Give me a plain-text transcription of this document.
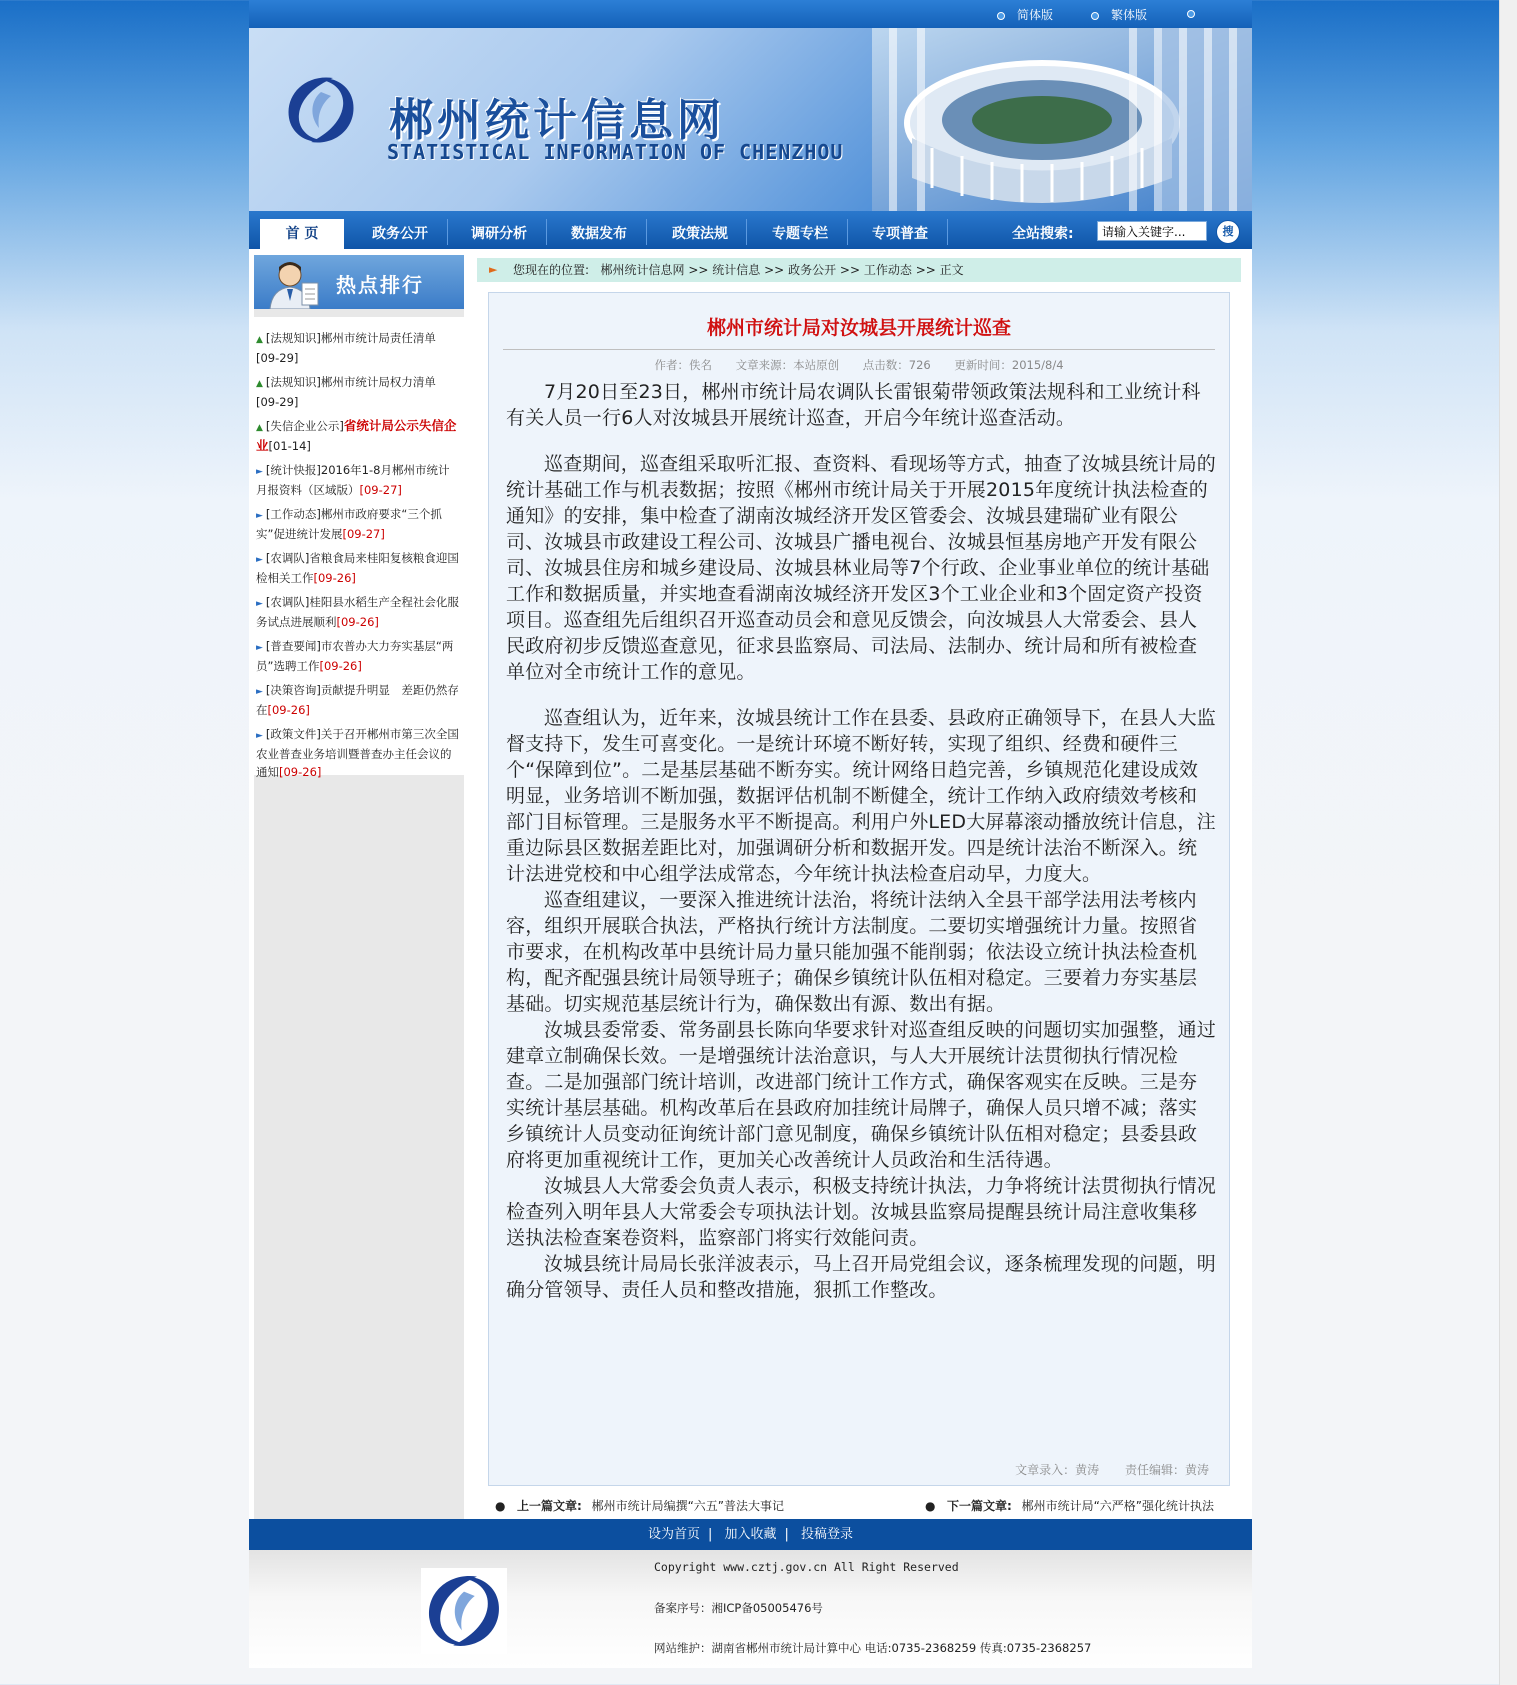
简体版	繁体版
郴州统计信息网
STATISTICAL INFORMATION OF CHENZHOU
首 页	政务公开	调研分析	数据发布	政策法规	专题专栏	专项普查	全站搜索:
请输入关键字...	搜
热点排行
▲ [法规知识]郴州市统计局责任清单
[09-29]
▲ [法规知识]郴州市统计局权力清单
[09-29]
▲ [失信企业公示]省统计局公示失信企业[01-14]
► [统计快报]2016年1-8月郴州市统计月报资料（区域版）[09-27]
► [工作动态]郴州市政府要求“三个抓实”促进统计发展[09-27]
► [农调队]省粮食局来桂阳复核粮食迎国检相关工作[09-26]
► [农调队]桂阳县水稻生产全程社会化服务试点进展顺利[09-26]
► [普查要闻]市农普办大力夯实基层“两员”选聘工作[09-26]
► [决策咨询]贡献提升明显　差距仍然存在[09-26]
► [政策文件]关于召开郴州市第三次全国农业普查业务培训暨普查办主任会议的通知[09-26]
► 您现在的位置: 郴州统计信息网 >> 统计信息 >> 政务公开 >> 工作动态 >> 正文
郴州市统计局对汝城县开展统计巡查
作者：佚名 文章来源：本站原创 点击数：726 更新时间：2015/8/4

7月20日至23日，郴州市统计局农调队长雷银菊带领政策法规科和工业统计科有关人员一行6人对汝城县开展统计巡查，开启今年统计巡查活动。

巡查期间，巡查组采取听汇报、查资料、看现场等方式，抽查了汝城县统计局的统计基础工作与机表数据；按照《郴州市统计局关于开展2015年度统计执法检查的通知》的安排，集中检查了湖南汝城经济开发区管委会、汝城县建瑞矿业有限公司、汝城县市政建设工程公司、汝城县广播电视台、汝城县恒基房地产开发有限公司、汝城县住房和城乡建设局、汝城县林业局等7个行政、企业事业单位的统计基础工作和数据质量，并实地查看湖南汝城经济开发区3个工业企业和3个固定资产投资项目。巡查组先后组织召开巡查动员会和意见反馈会，向汝城县人大常委会、县人民政府初步反馈巡查意见，征求县监察局、司法局、法制办、统计局和所有被检查单位对全市统计工作的意见。

巡查组认为，近年来，汝城县统计工作在县委、县政府正确领导下，在县人大监督支持下，发生可喜变化。一是统计环境不断好转，实现了组织、经费和硬件三个“保障到位”。二是基层基础不断夯实。统计网络日趋完善，乡镇规范化建设成效明显，业务培训不断加强，数据评估机制不断健全，统计工作纳入政府绩效考核和部门目标管理。三是服务水平不断提高。利用户外LED大屏幕滚动播放统计信息，注重边际县区数据差距比对，加强调研分析和数据开发。四是统计法治不断深入。统计法进党校和中心组学法成常态，今年统计执法检查启动早，力度大。

巡查组建议，一要深入推进统计法治，将统计法纳入全县干部学法用法考核内容，组织开展联合执法，严格执行统计方法制度。二要切实增强统计力量。按照省市要求，在机构改革中县统计局力量只能加强不能削弱；依法设立统计执法检查机构，配齐配强县统计局领导班子；确保乡镇统计队伍相对稳定。三要着力夯实基层基础。切实规范基层统计行为，确保数出有源、数出有据。

汝城县委常委、常务副县长陈向华要求针对巡查组反映的问题切实加强整，通过建章立制确保长效。一是增强统计法治意识，与人大开展统计法贯彻执行情况检查。二是加强部门统计培训，改进部门统计工作方式，确保客观实在反映。三是夯实统计基层基础。机构改革后在县政府加挂统计局牌子，确保人员只增不减；落实乡镇统计人员变动征询统计部门意见制度，确保乡镇统计队伍相对稳定；县委县政府将更加重视统计工作，更加关心改善统计人员政治和生活待遇。

汝城县人大常委会负责人表示，积极支持统计执法，力争将统计法贯彻执行情况检查列入明年县人大常委会专项执法计划。汝城县监察局提醒县统计局注意收集移送执法检查案卷资料，监察部门将实行效能问责。

汝城县统计局局长张洋波表示，马上召开局党组会议，逐条梳理发现的问题，明确分管领导、责任人员和整改措施，狠抓工作整改。

文章录入：黄涛 责任编辑：黄涛
● 上一篇文章: 郴州市统计局编撰“六五”普法大事记	● 下一篇文章: 郴州市统计局“六严格”强化统计执法
设为首页 | 加入收藏 | 投稿登录
Copyright www.cztj.gov.cn All Right Reserved
备案序号：湘ICP备05005476号
网站维护：湖南省郴州市统计局计算中心 电话:0735-2368259 传真:0735-2368257
